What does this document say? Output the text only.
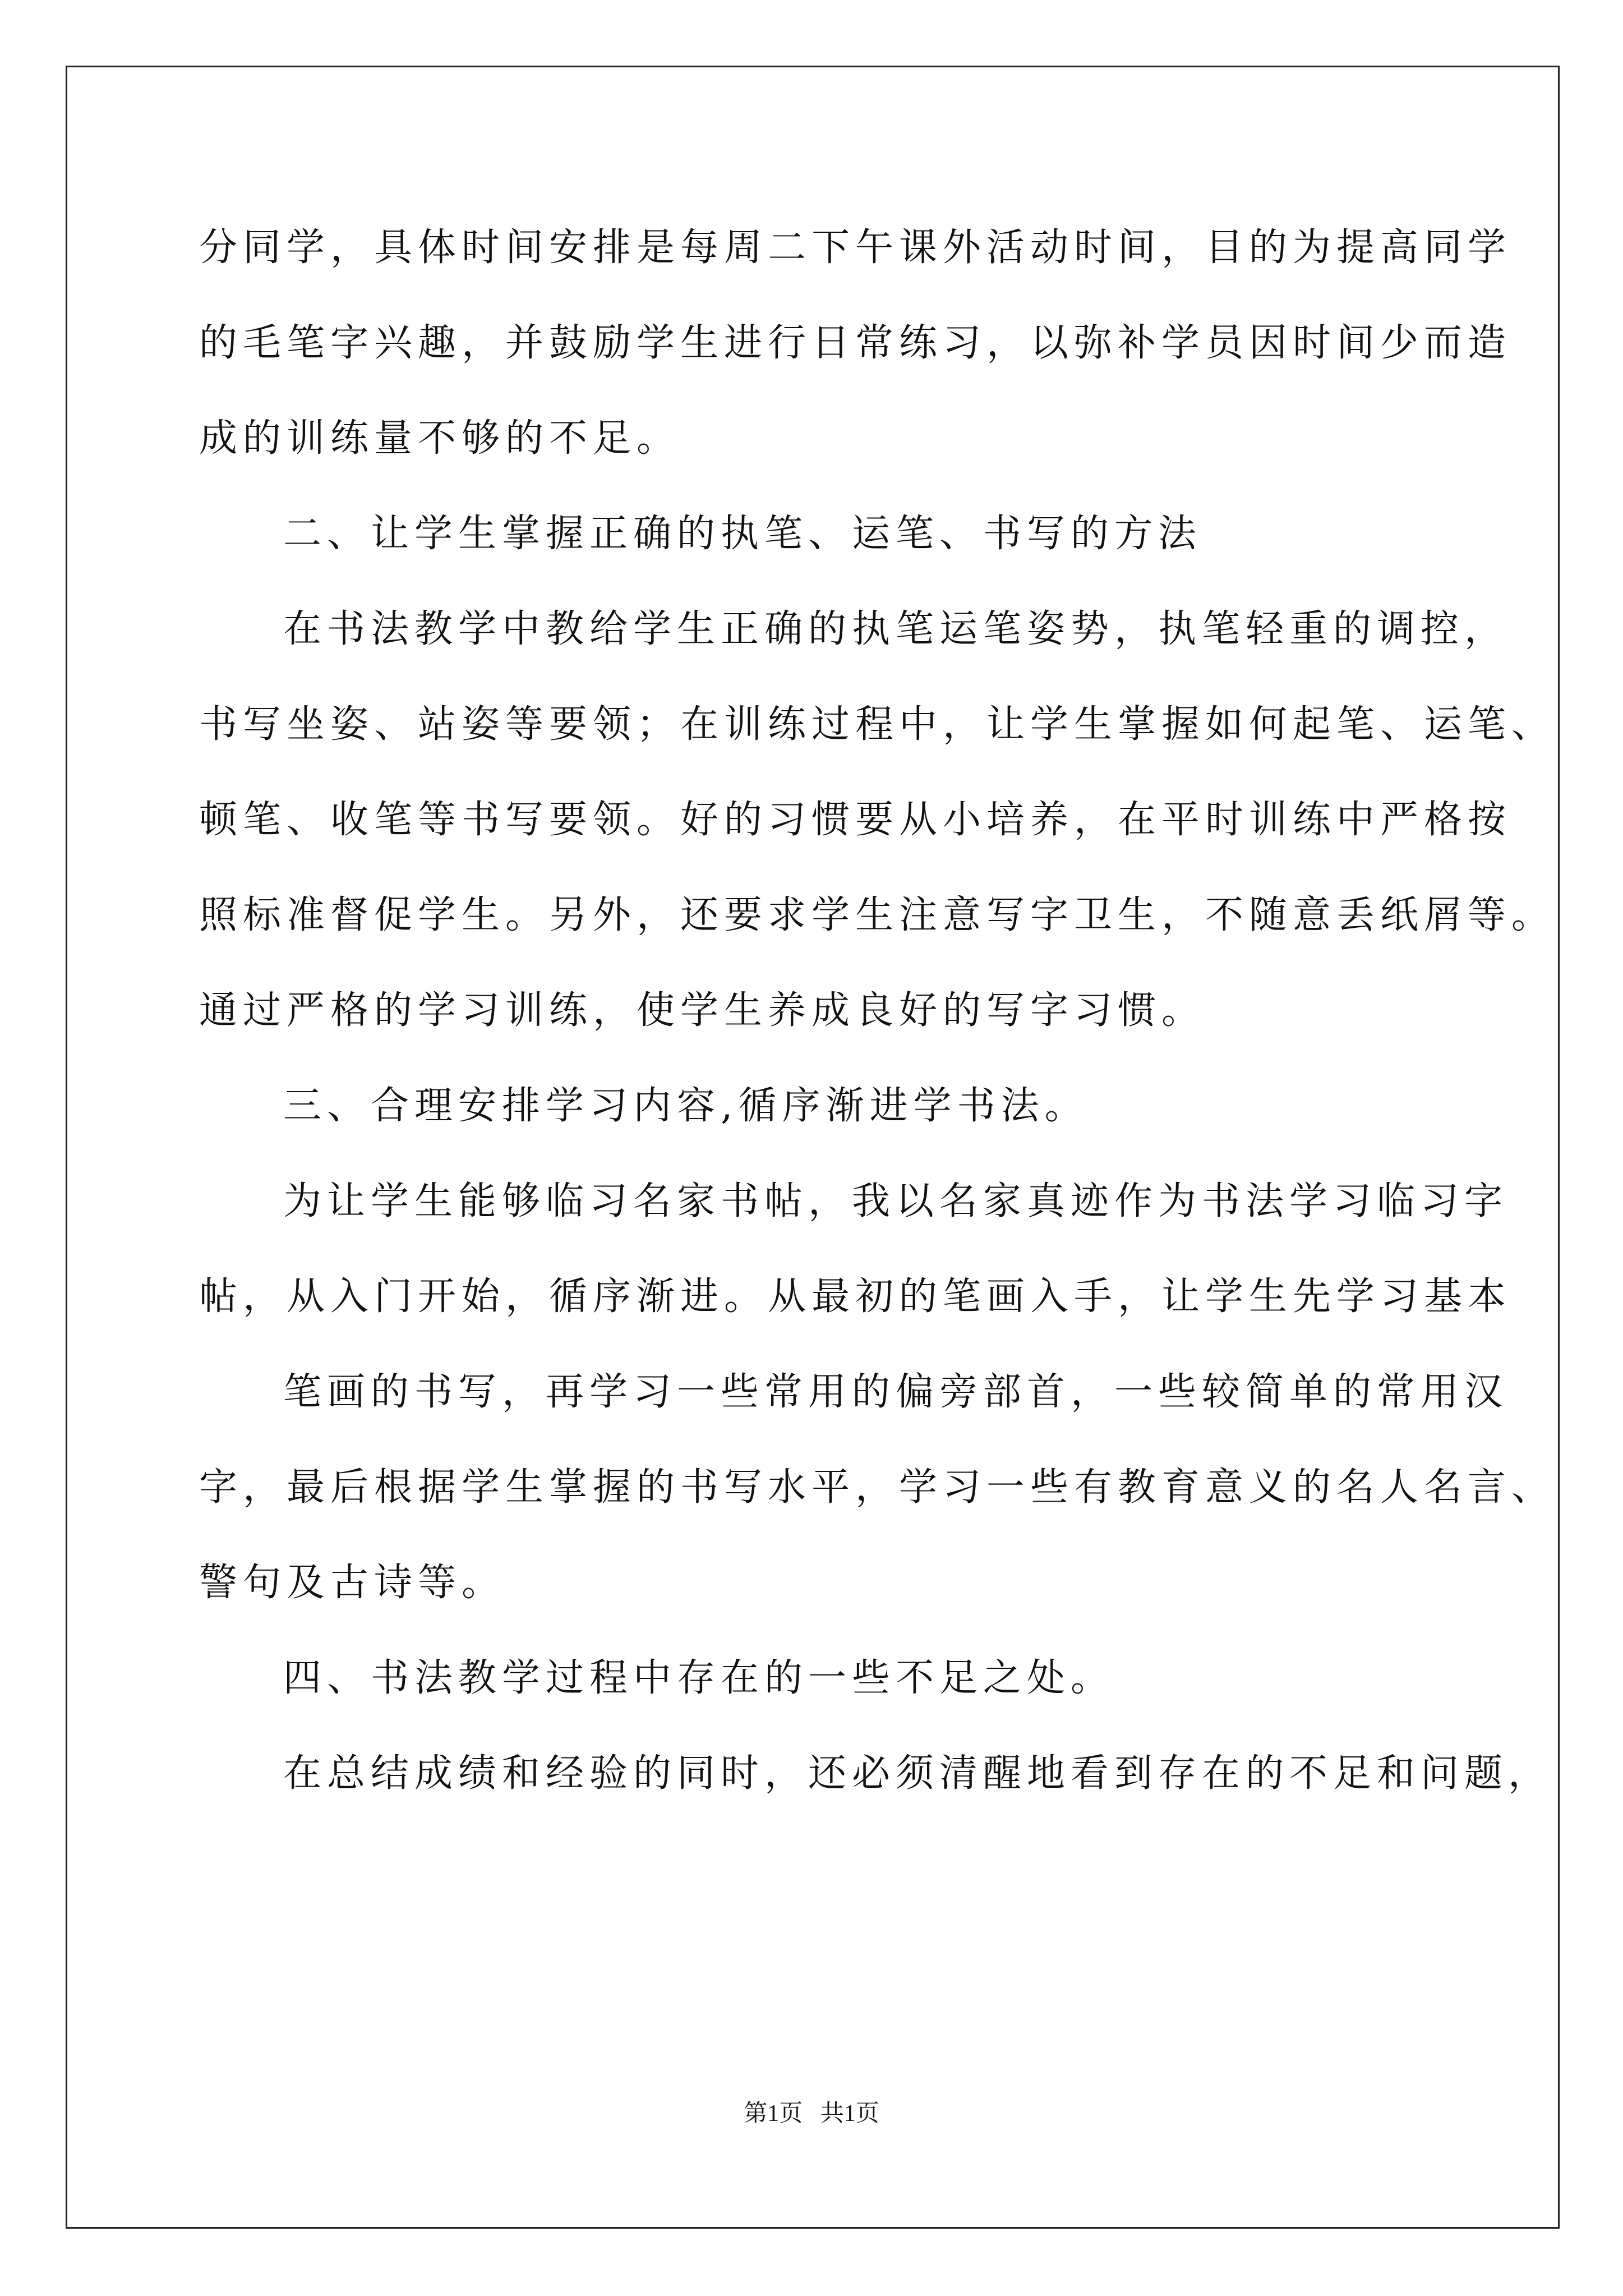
分同学，具体时间安排是每周二下午课外活动时间，目的为提高同学
的毛笔字兴趣，并鼓励学生进行日常练习，以弥补学员因时间少而造
成的训练量不够的不足。
二、让学生掌握正确的执笔、运笔、书写的方法
在书法教学中教给学生正确的执笔运笔姿势，执笔轻重的调控，
书写坐姿、站姿等要领；在训练过程中，让学生掌握如何起笔、运笔、
顿笔、收笔等书写要领。好的习惯要从小培养，在平时训练中严格按
照标准督促学生。另外，还要求学生注意写字卫生，不随意丢纸屑等。
通过严格的学习训练，使学生养成良好的写字习惯。
三、合理安排学习内容,循序渐进学书法。
为让学生能够临习名家书帖，我以名家真迹作为书法学习临习字
帖，从入门开始，循序渐进。从最初的笔画入手，让学生先学习基本
笔画的书写，再学习一些常用的偏旁部首，一些较简单的常用汉
字，最后根据学生掌握的书写水平，学习一些有教育意义的名人名言、
警句及古诗等。
四、书法教学过程中存在的一些不足之处。
在总结成绩和经验的同时，还必须清醒地看到存在的不足和问题，
第1页   共1页
